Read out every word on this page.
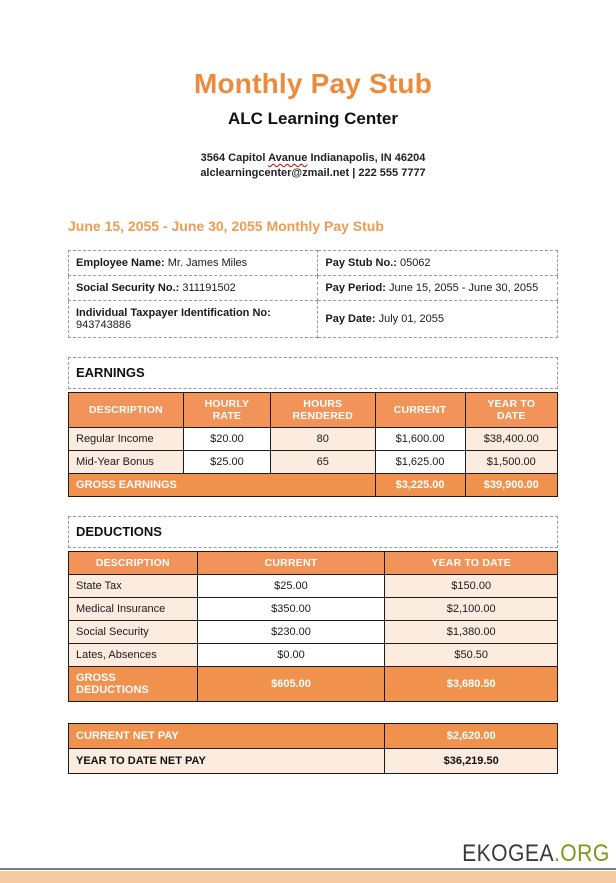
Monthly Pay Stub
ALC Learning Center
3564 Capitol Avanue Indianapolis, IN 46204
alclearningcenter@zmail.net | 222 555 7777
June 15, 2055 - June 30, 2055 Monthly Pay Stub
Employee Name: Mr. James Miles	Pay Stub No.: 05062
Social Security No.: 311191502	Pay Period: June 15, 2055 - June 30, 2055
Individual Taxpayer Identification No: 943743886	Pay Date: July 01, 2055
EARNINGS
DESCRIPTION	HOURLY RATE	HOURS RENDERED	CURRENT	YEAR TO DATE
Regular Income	$20.00	80	$1,600.00	$38,400.00
Mid-Year Bonus	$25.00	65	$1,625.00	$1,500.00
GROSS EARNINGS			$3,225.00	$39,900.00
DEDUCTIONS
DESCRIPTION	CURRENT	YEAR TO DATE
State Tax	$25.00	$150.00
Medical Insurance	$350.00	$2,100.00
Social Security	$230.00	$1,380.00
Lates, Absences	$0.00	$50.50
GROSS DEDUCTIONS	$605.00	$3,680.50
CURRENT NET PAY	$2,620.00
YEAR TO DATE NET PAY	$36,219.50
EKOGEA.ORG
